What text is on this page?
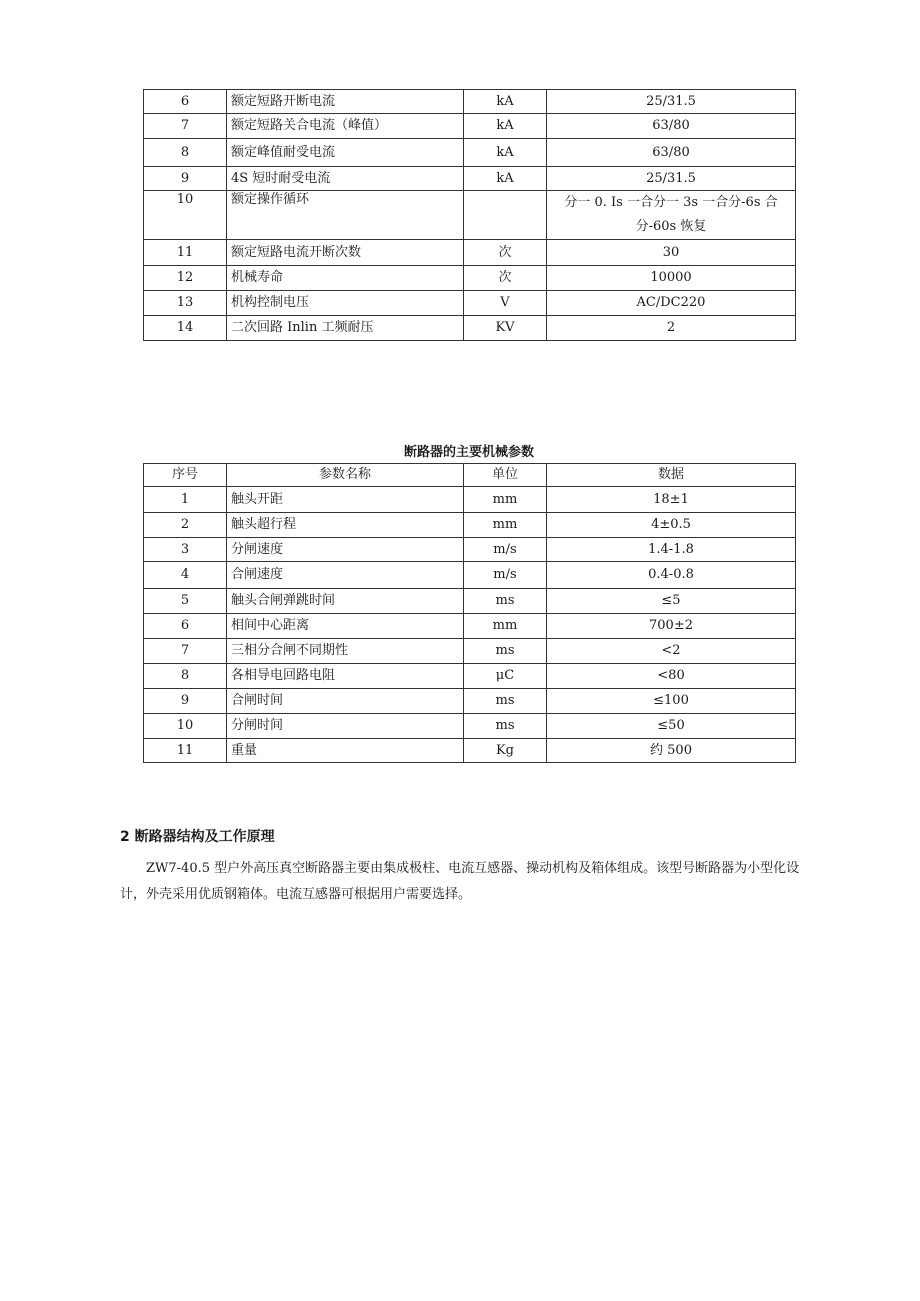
6	额定短路开断电流	kA	25/31.5
7	额定短路关合电流（峰值）	kA	63/80
8	额定峰值耐受电流	kA	63/80
9	4S 短时耐受电流	kA	25/31.5
10	额定操作循环		分一 0. Is 一合分一 3s 一合分-6s 合分-60s 恢复
11	额定短路电流开断次数	次	30
12	机械寿命	次	10000
13	机构控制电压	V	AC/DC220
14	二次回路 Inlin 工频耐压	KV	2
断路器的主要机械参数
序号	参数名称	单位	数据
1	触头开距	mm	18±1
2	触头超行程	mm	4±0.5
3	分闸速度	m/s	1.4-1.8
4	合闸速度	m/s	0.4-0.8
5	触头合闸弹跳时间	ms	≤5
6	相间中心距离	mm	700±2
7	三相分合闸不同期性	ms	<2
8	各相导电回路电阻	μC	<80
9	合闸时间	ms	≤100
10	分闸时间	ms	≤50
11	重量	Kg	约 500
2 断路器结构及工作原理

ZW7-40.5 型户外高压真空断路器主要由集成极柱、电流互感器、操动机构及箱体组成。该型号断路器为小型化设计，外壳采用优质钢箱体。电流互感器可根据用户需要选择。
